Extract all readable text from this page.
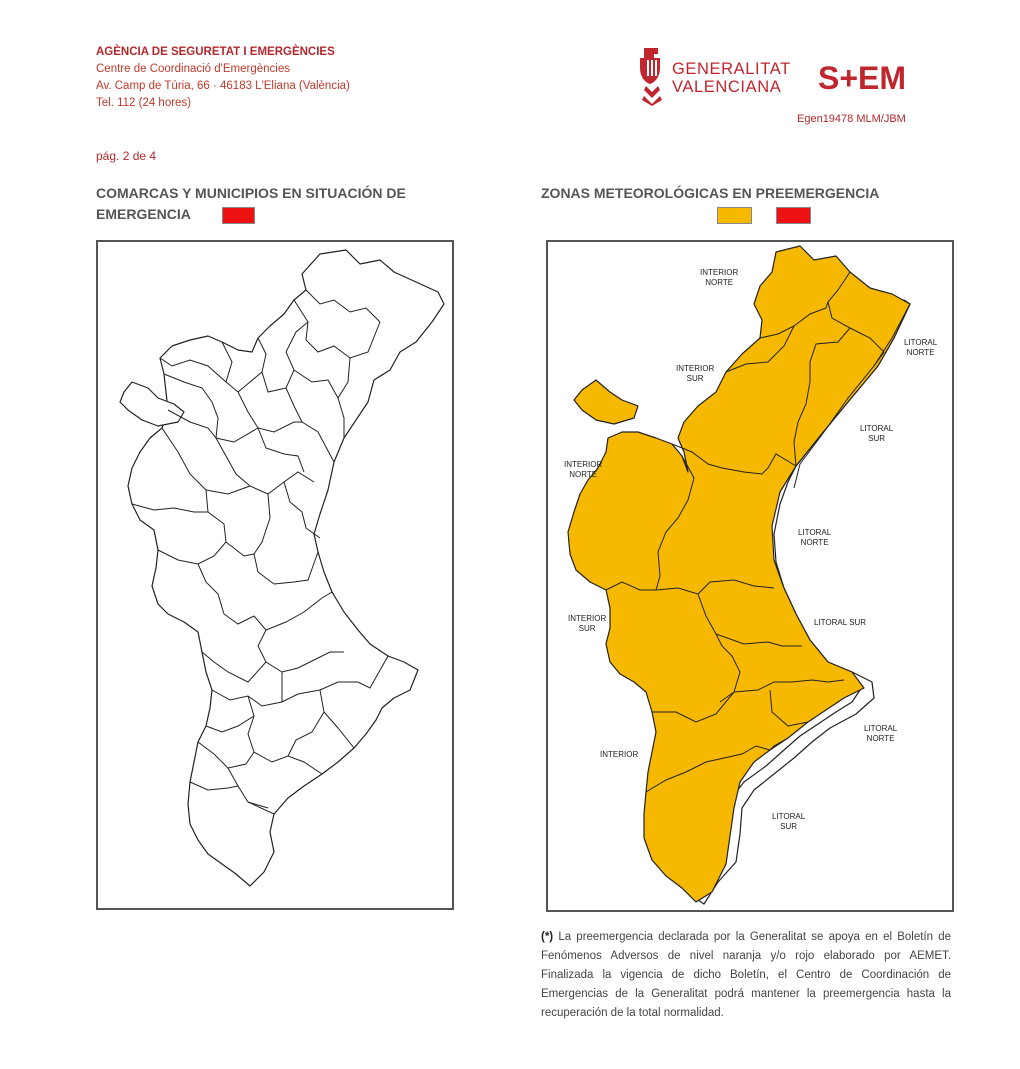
AGÈNCIA DE SEGURETAT I EMERGÈNCIES
Centre de Coordinació d'Emergències
Av. Camp de Túria, 66 · 46183 L'Eliana (València)
Tel. 112 (24 hores)
GENERALITAT
VALENCIANA S+EM
Egen19478 MLM/JBM
pág. 2 de 4
COMARCAS Y MUNICIPIOS EN SITUACIÓN DE EMERGENCIA
ZONAS METEOROLÓGICAS EN PREEMERGENCIA
INTERIOR
NORTE
INTERIOR
SUR
LITORAL
NORTE
LITORAL
SUR
INTERIOR
NORTE
LITORAL
NORTE
INTERIOR
SUR
LITORAL SUR
LITORAL
NORTE
INTERIOR
LITORAL
SUR
(*) La preemergencia declarada por la Generalitat se apoya en el Boletín de Fenómenos Adversos de nivel naranja y/o rojo elaborado por AEMET. Finalizada la vigencia de dicho Boletín, el Centro de Coordinación de Emergencias de la Generalitat podrá mantener la preemergencia hasta la recuperación de la total normalidad.
